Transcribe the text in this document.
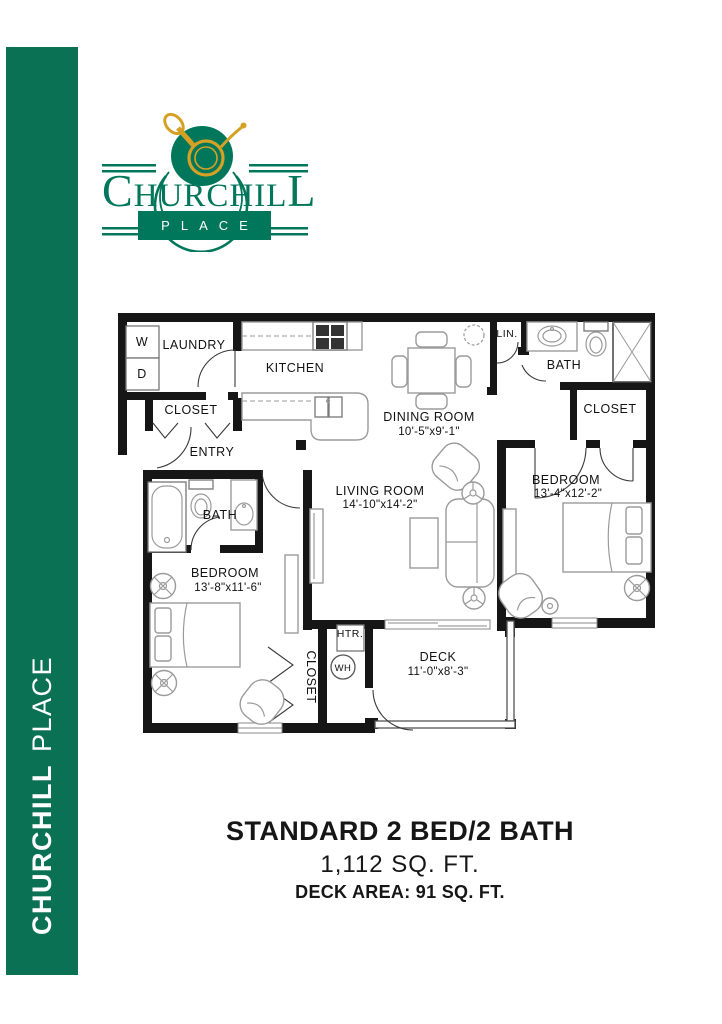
CHURCHILLPLACE
CHURCHILL
PLACE
LAUNDRY
W
D	KITCHEN
CLOSET
ENTRY
DINING ROOM
10'-5"x9'-1"
LIN.
BATH
CLOSET
LIVING ROOM
14'-10"x14'-2"
BEDROOM
13'-4"x12'-2"
BATH
BEDROOM
13'-8"x11'-6"
CLOSET
HTR.
WH
DECK
11'-0"x8'-3"
STANDARD 2 BED/2 BATH
1,112 SQ. FT.
DECK AREA: 91 SQ. FT.
